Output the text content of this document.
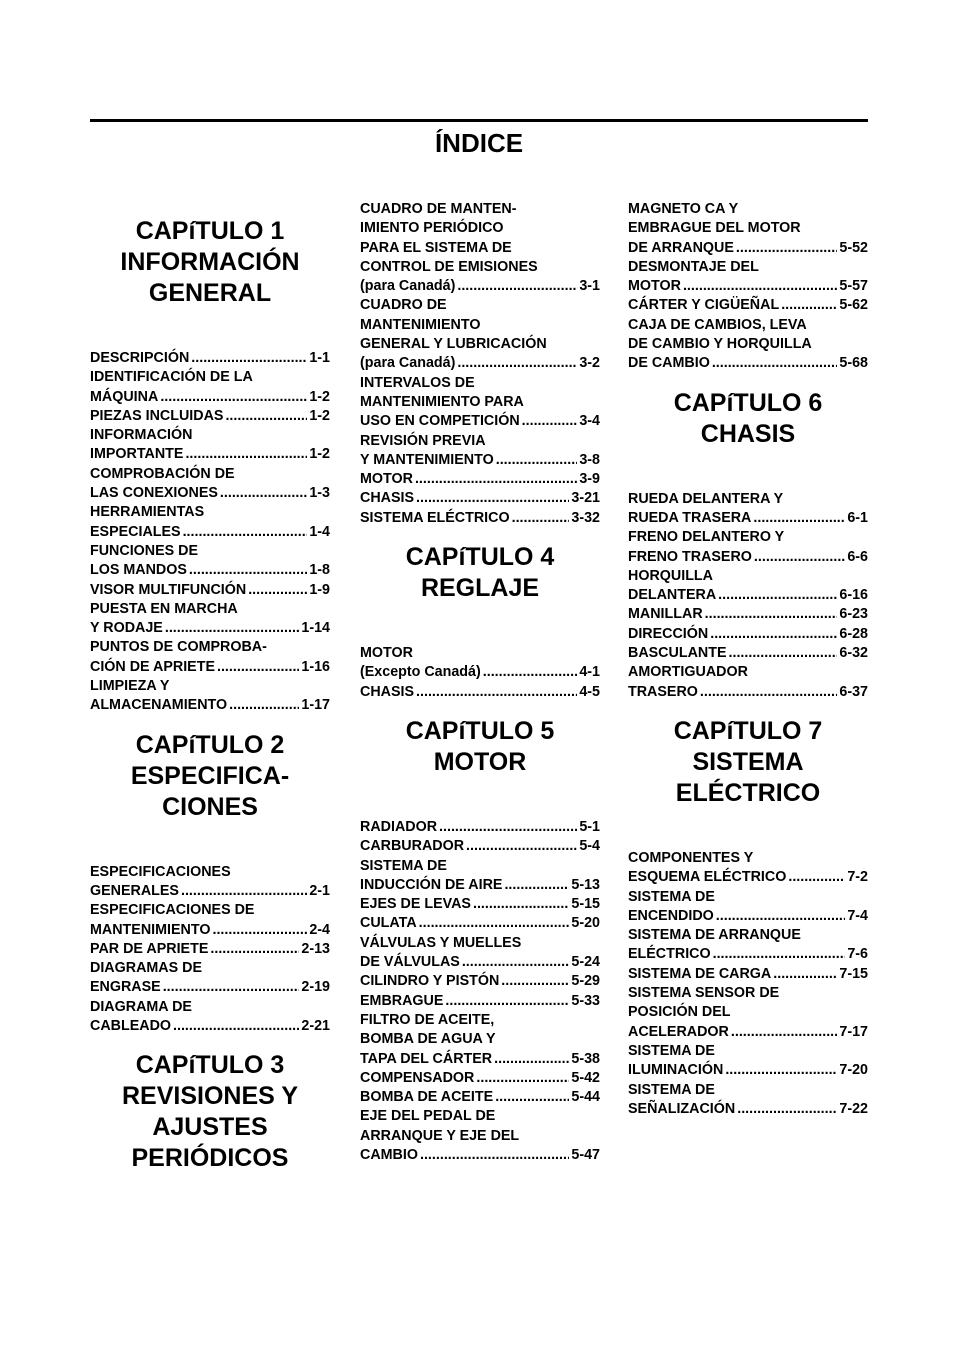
ÍNDICE
CAPíTULO 1
INFORMACIÓN
GENERAL
DESCRIPCIÓN .....	1-1
IDENTIFICACIÓN DE LA
MÁQUINA .....	1-2
PIEZAS INCLUIDAS .....	1-2
INFORMACIÓN
IMPORTANTE .....	1-2
COMPROBACIÓN DE
LAS CONEXIONES .....	1-3
HERRAMIENTAS
ESPECIALES .....	1-4
FUNCIONES DE
LOS MANDOS .....	1-8
VISOR MULTIFUNCIÓN .....	1-9
PUESTA EN MARCHA
Y RODAJE .....	1-14
PUNTOS DE COMPROBA-
CIÓN DE APRIETE .....	1-16
LIMPIEZA Y
ALMACENAMIENTO .....	1-17
CAPíTULO 2
ESPECIFICA-
CIONES
ESPECIFICACIONES
GENERALES .....	2-1
ESPECIFICACIONES DE
MANTENIMIENTO .....	2-4
PAR DE APRIETE .....	2-13
DIAGRAMAS DE
ENGRASE .....	2-19
DIAGRAMA DE
CABLEADO .....	2-21
CAPíTULO 3
REVISIONES Y
AJUSTES
PERIÓDICOS
CUADRO DE MANTEN-
IMIENTO PERIÓDICO
PARA EL SISTEMA DE
CONTROL DE EMISIONES
(para Canadá) .....	3-1
CUADRO DE
MANTENIMIENTO
GENERAL Y LUBRICACIÓN
(para Canadá) .....	3-2
INTERVALOS DE
MANTENIMIENTO PARA
USO EN COMPETICIÓN .....	3-4
REVISIÓN PREVIA
Y MANTENIMIENTO .....	3-8
MOTOR .....	3-9
CHASIS .....	3-21
SISTEMA ELÉCTRICO .....	3-32
CAPíTULO 4
REGLAJE
MOTOR
(Excepto Canadá) .....	4-1
CHASIS .....	4-5
CAPíTULO 5
MOTOR
RADIADOR .....	5-1
CARBURADOR .....	5-4
SISTEMA DE
INDUCCIÓN DE AIRE .....	5-13
EJES DE LEVAS .....	5-15
CULATA .....	5-20
VÁLVULAS Y MUELLES
DE VÁLVULAS .....	5-24
CILINDRO Y PISTÓN .....	5-29
EMBRAGUE .....	5-33
FILTRO DE ACEITE,
BOMBA DE AGUA Y
TAPA DEL CÁRTER .....	5-38
COMPENSADOR .....	5-42
BOMBA DE ACEITE .....	5-44
EJE DEL PEDAL DE
ARRANQUE Y EJE DEL
CAMBIO .....	5-47
MAGNETO CA Y
EMBRAGUE DEL MOTOR
DE ARRANQUE .....	5-52
DESMONTAJE DEL
MOTOR .....	5-57
CÁRTER Y CIGÜEÑAL .....	5-62
CAJA DE CAMBIOS, LEVA
DE CAMBIO Y HORQUILLA
DE CAMBIO .....	5-68
CAPíTULO 6
CHASIS
RUEDA DELANTERA Y
RUEDA TRASERA .....	6-1
FRENO DELANTERO Y
FRENO TRASERO .....	6-6
HORQUILLA
DELANTERA .....	6-16
MANILLAR .....	6-23
DIRECCIÓN .....	6-28
BASCULANTE .....	6-32
AMORTIGUADOR
TRASERO .....	6-37
CAPíTULO 7
SISTEMA
ELÉCTRICO
COMPONENTES Y
ESQUEMA ELÉCTRICO .....	7-2
SISTEMA DE
ENCENDIDO .....	7-4
SISTEMA DE ARRANQUE
ELÉCTRICO .....	7-6
SISTEMA DE CARGA .....	7-15
SISTEMA SENSOR DE
POSICIÓN DEL
ACELERADOR .....	7-17
SISTEMA DE
ILUMINACIÓN .....	7-20
SISTEMA DE
SEÑALIZACIÓN .....	7-22
